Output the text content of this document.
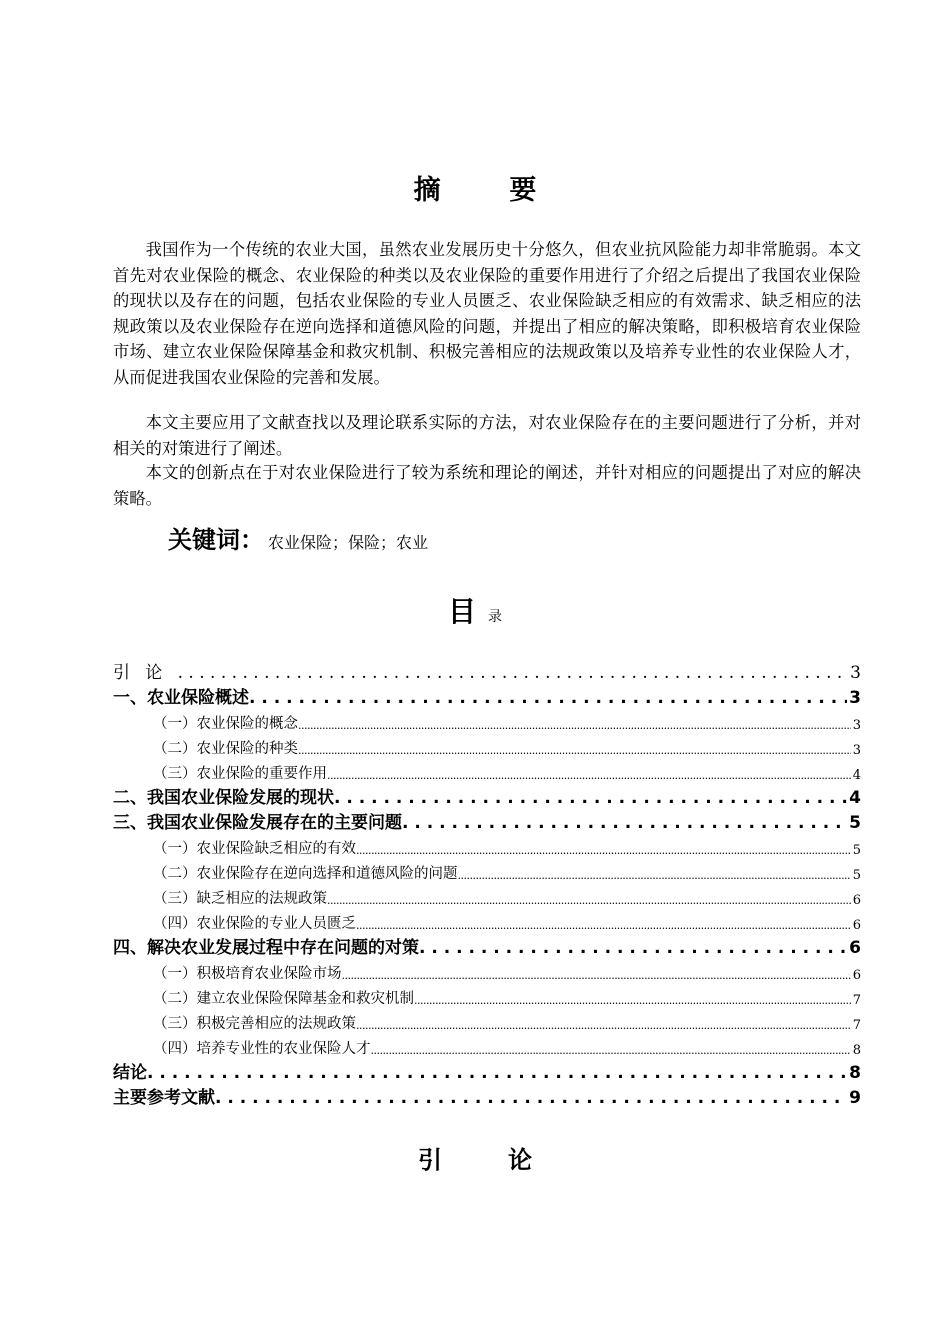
摘 要
我国作为一个传统的农业大国，虽然农业发展历史十分悠久，但农业抗风险能力却非常脆弱。本文首先对农业保险的概念、农业保险的种类以及农业保险的重要作用进行了介绍之后提出了我国农业保险的现状以及存在的问题，包括农业保险的专业人员匮乏、农业保险缺乏相应的有效需求、缺乏相应的法规政策以及农业保险存在逆向选择和道德风险的问题，并提出了相应的解决策略，即积极培育农业保险市场、建立农业保险保障基金和救灾机制、积极完善相应的法规政策以及培养专业性的农业保险人才，从而促进我国农业保险的完善和发展。
本文主要应用了文献查找以及理论联系实际的方法，对农业保险存在的主要问题进行了分析，并对相关的对策进行了阐述。
本文的创新点在于对农业保险进行了较为系统和理论的阐述，并针对相应的问题提出了对应的解决策略。
关键词： 农业保险；保险；农业
目录
引论 . . .	3
一、农业保险概述 . . .	3
（一）农业保险的概念 .....	3
（二）农业保险的种类 .....	3
（三）农业保险的重要作用 .....	4
二、我国农业保险发展的现状 . . .	4
三、我国农业保险发展存在的主要问题 . . .	5
（一）农业保险缺乏相应的有效 .....	5
（二）农业保险存在逆向选择和道德风险的问题 .....	5
（三）缺乏相应的法规政策 .....	6
（四）农业保险的专业人员匮乏 .....	6
四、解决农业发展过程中存在问题的对策 . . .	6
（一）积极培育农业保险市场 .....	6
（二）建立农业保险保障基金和救灾机制 .....	7
（三）积极完善相应的法规政策 .....	7
（四）培养专业性的农业保险人才 .....	8
结论 . . .	8
主要参考文献 . . .	9
引 论
